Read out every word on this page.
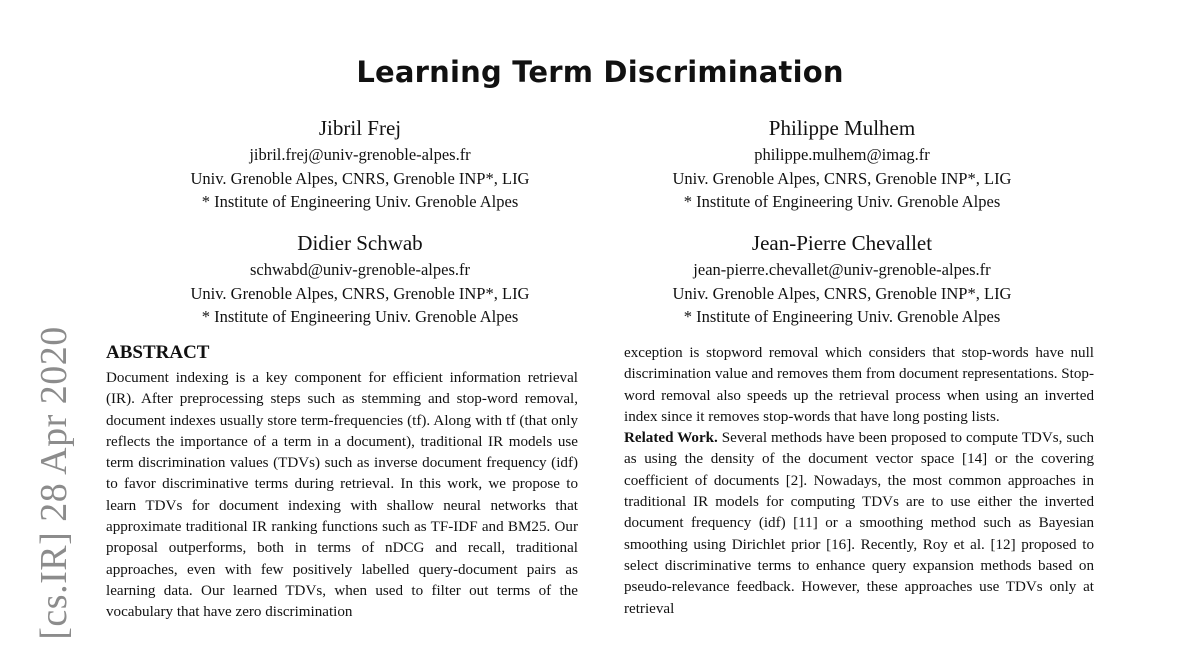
Learning Term Discrimination
Jibril Frej
jibril.frej@univ-grenoble-alpes.fr
Univ. Grenoble Alpes, CNRS, Grenoble INP*, LIG
* Institute of Engineering Univ. Grenoble Alpes
Philippe Mulhem
philippe.mulhem@imag.fr
Univ. Grenoble Alpes, CNRS, Grenoble INP*, LIG
* Institute of Engineering Univ. Grenoble Alpes
Didier Schwab
schwabd@univ-grenoble-alpes.fr
Univ. Grenoble Alpes, CNRS, Grenoble INP*, LIG
* Institute of Engineering Univ. Grenoble Alpes
Jean-Pierre Chevallet
jean-pierre.chevallet@univ-grenoble-alpes.fr
Univ. Grenoble Alpes, CNRS, Grenoble INP*, LIG
* Institute of Engineering Univ. Grenoble Alpes
[cs.IR] 28 Apr 2020 ABSTRACT

Document indexing is a key component for efficient information retrieval (IR). After preprocessing steps such as stemming and stop-word removal, document indexes usually store term-frequencies (tf). Along with tf (that only reflects the importance of a term in a document), traditional IR models use term discrimination values (TDVs) such as inverse document frequency (idf) to favor discriminative terms during retrieval. In this work, we propose to learn TDVs for document indexing with shallow neural networks that approximate traditional IR ranking functions such as TF-IDF and BM25. Our proposal outperforms, both in terms of nDCG and recall, traditional approaches, even with few positively labelled query-document pairs as learning data. Our learned TDVs, when used to filter out terms of the vocabulary that have zero discrimination

exception is stopword removal which considers that stop-words have null discrimination value and removes them from document representations. Stop-word removal also speeds up the retrieval process when using an inverted index since it removes stop-words that have long posting lists.

Related Work. Several methods have been proposed to compute TDVs, such as using the density of the document vector space [14] or the covering coefficient of documents [2]. Nowadays, the most common approaches in traditional IR models for computing TDVs are to use either the inverted document frequency (idf) [11] or a smoothing method such as Bayesian smoothing using Dirichlet prior [16]. Recently, Roy et al. [12] proposed to select discriminative terms to enhance query expansion methods based on pseudo-relevance feedback. However, these approaches use TDVs only at retrieval
